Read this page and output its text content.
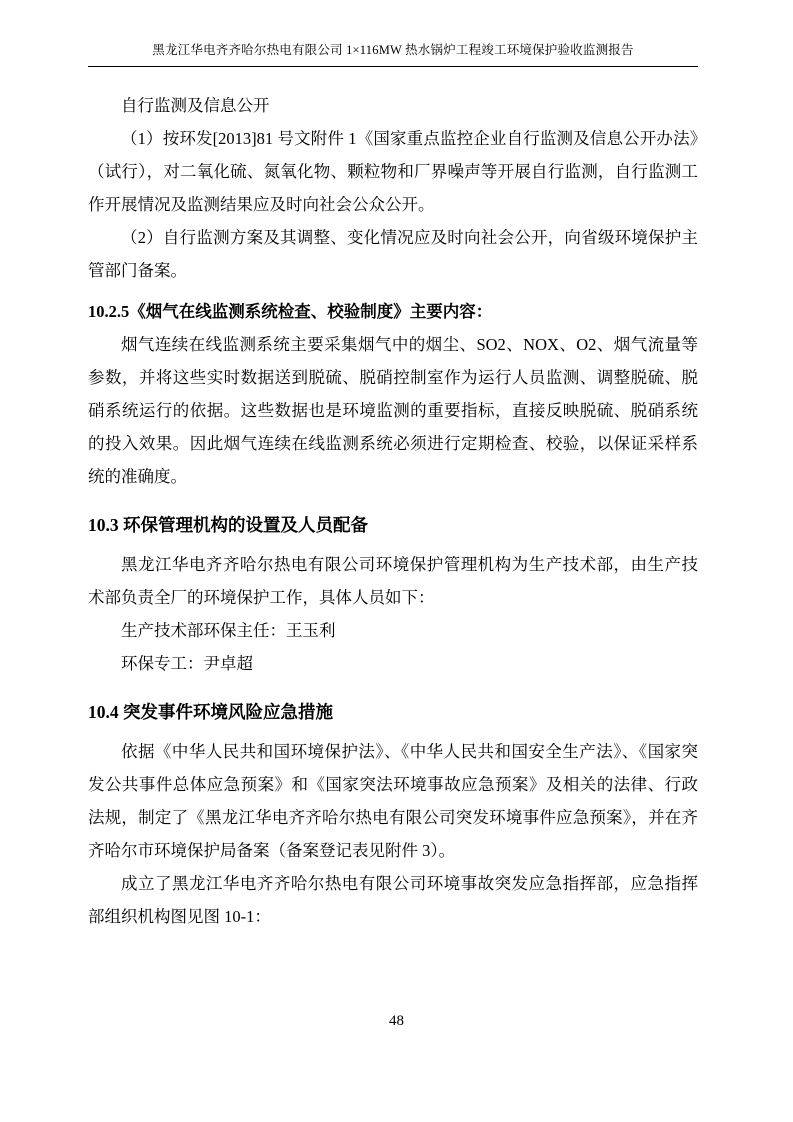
黑龙江华电齐齐哈尔热电有限公司 1×116MW 热水锅炉工程竣工环境保护验收监测报告

自行监测及信息公开

（1）按环发[2013]81 号文附件 1《国家重点监控企业自行监测及信息公开办法》（试行），对二氧化硫、氮氧化物、颗粒物和厂界噪声等开展自行监测，自行监测工作开展情况及监测结果应及时向社会公众公开。

（2）自行监测方案及其调整、变化情况应及时向社会公开，向省级环境保护主管部门备案。

10.2.5《烟气在线监测系统检查、校验制度》主要内容：

烟气连续在线监测系统主要采集烟气中的烟尘、SO2、NOX、O2、烟气流量等参数，并将这些实时数据送到脱硫、脱硝控制室作为运行人员监测、调整脱硫、脱硝系统运行的依据。这些数据也是环境监测的重要指标，直接反映脱硫、脱硝系统的投入效果。因此烟气连续在线监测系统必须进行定期检查、校验，以保证采样系统的准确度。

10.3 环保管理机构的设置及人员配备

黑龙江华电齐齐哈尔热电有限公司环境保护管理机构为生产技术部，由生产技术部负责全厂的环境保护工作，具体人员如下：

生产技术部环保主任：王玉利

环保专工：尹卓超

10.4 突发事件环境风险应急措施

依据《中华人民共和国环境保护法》、《中华人民共和国安全生产法》、《国家突发公共事件总体应急预案》和《国家突法环境事故应急预案》及相关的法律、行政法规，制定了《黑龙江华电齐齐哈尔热电有限公司突发环境事件应急预案》，并在齐齐哈尔市环境保护局备案（备案登记表见附件 3）。

成立了黑龙江华电齐齐哈尔热电有限公司环境事故突发应急指挥部，应急指挥部组织机构图见图 10-1：

48
